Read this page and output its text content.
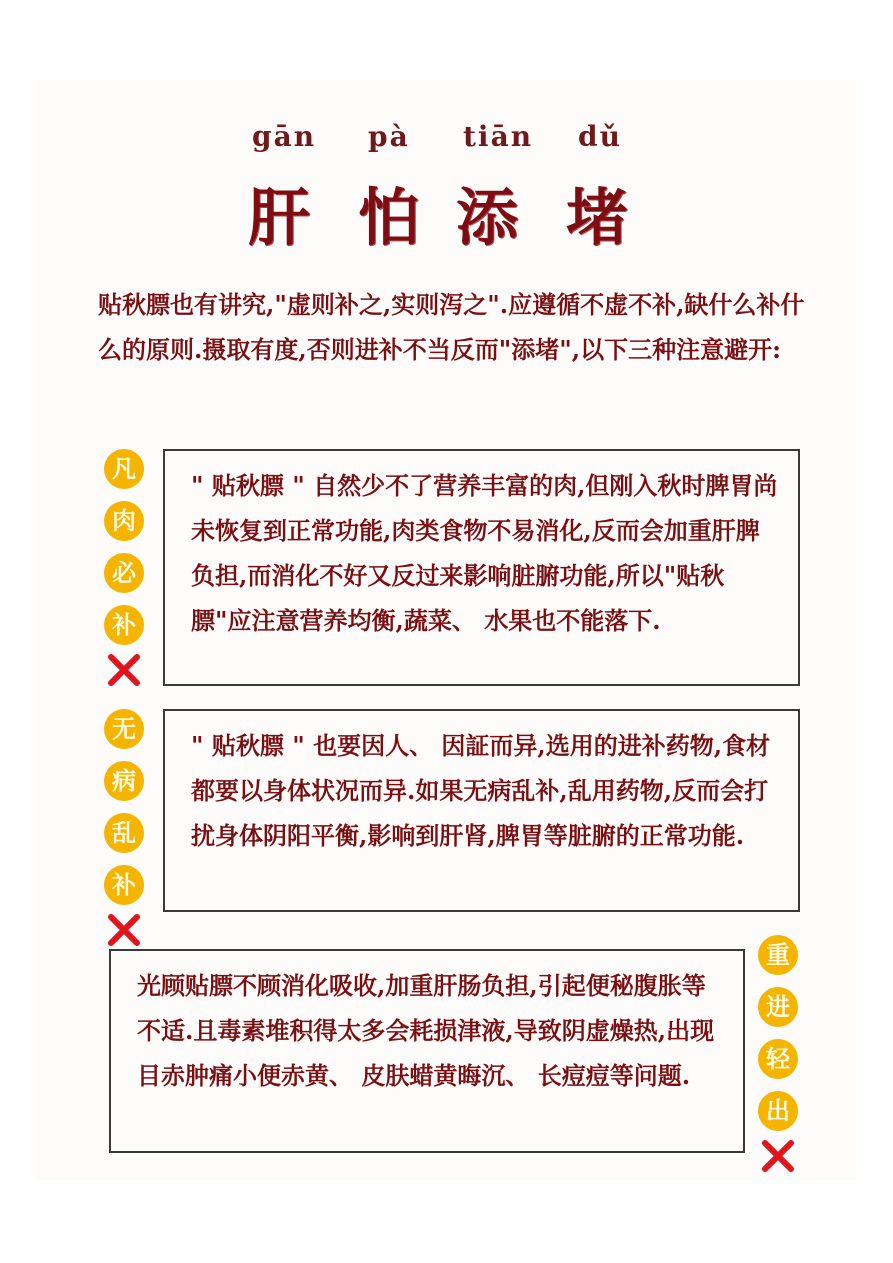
gān pà tiān dǔ
肝 怕 添 堵
贴秋膘也有讲究,"虚则补之,实则泻之".应遵循不虚不补,缺什么补什么的原则.摄取有度,否则进补不当反而"添堵",以下三种注意避开:
凡
肉
必
补

" 贴秋膘 " 自然少不了营养丰富的肉,但刚入秋时脾胃尚未恢复到正常功能,肉类食物不易消化,反而会加重肝脾负担,而消化不好又反过来影响脏腑功能,所以"贴秋膘"应注意营养均衡,蔬菜、 水果也不能落下.

无
病
乱
补

" 贴秋膘 " 也要因人、 因証而异,选用的进补药物,食材都要以身体状况而异.如果无病乱补,乱用药物,反而会打扰身体阴阳平衡,影响到肝肾,脾胃等脏腑的正常功能.

光顾贴膘不顾消化吸收,加重肝肠负担,引起便秘腹胀等不适.且毒素堆积得太多会耗损津液,导致阴虚燥热,出现目赤肿痛小便赤黄、 皮肤蜡黄晦沉、 长痘痘等问题.

重
进
轻
出
